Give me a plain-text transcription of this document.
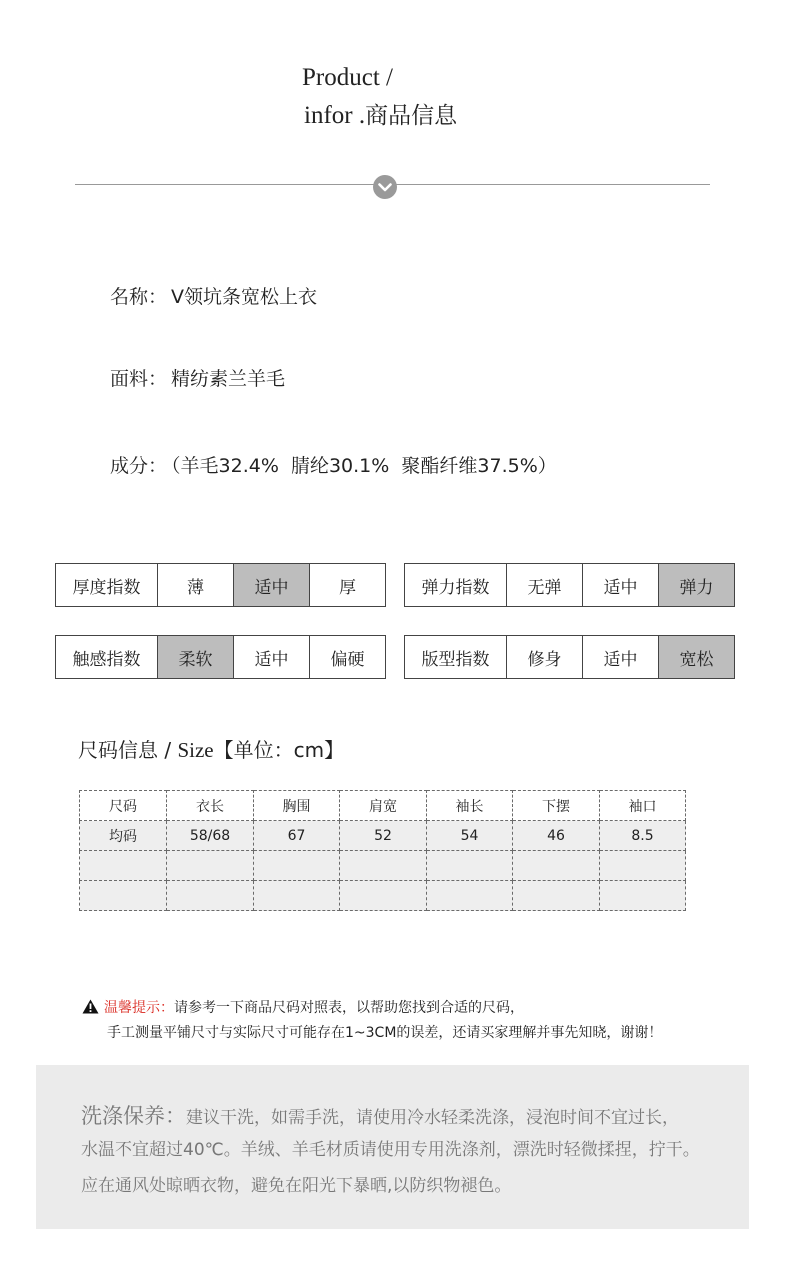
Product /
infor .商品信息
名称： V领坑条宽松上衣
面料： 精纺素兰羊毛
成分： （羊毛32.4%  腈纶30.1%  聚酯纤维37.5%）
厚度指数	薄	适中	厚	弹力指数	无弹	适中	弹力
触感指数	柔软	适中	偏硬	版型指数	修身	适中	宽松
尺码信息 / Size【单位：cm】
尺码	衣长	胸围	肩宽	袖长	下摆	袖口
均码	58/68	67	52	54	46	8.5

温馨提示：请参考一下商品尺码对照表，以帮助您找到合适的尺码，
手工测量平铺尺寸与实际尺寸可能存在1~3CM的误差，还请买家理解并事先知晓，谢谢！
洗涤保养：建议干洗，如需手洗，请使用冷水轻柔洗涤，浸泡时间不宜过长，
水温不宜超过40℃。羊绒、羊毛材质请使用专用洗涤剂，漂洗时轻微揉捏，拧干。
应在通风处晾晒衣物，避免在阳光下暴晒,以防织物褪色。
